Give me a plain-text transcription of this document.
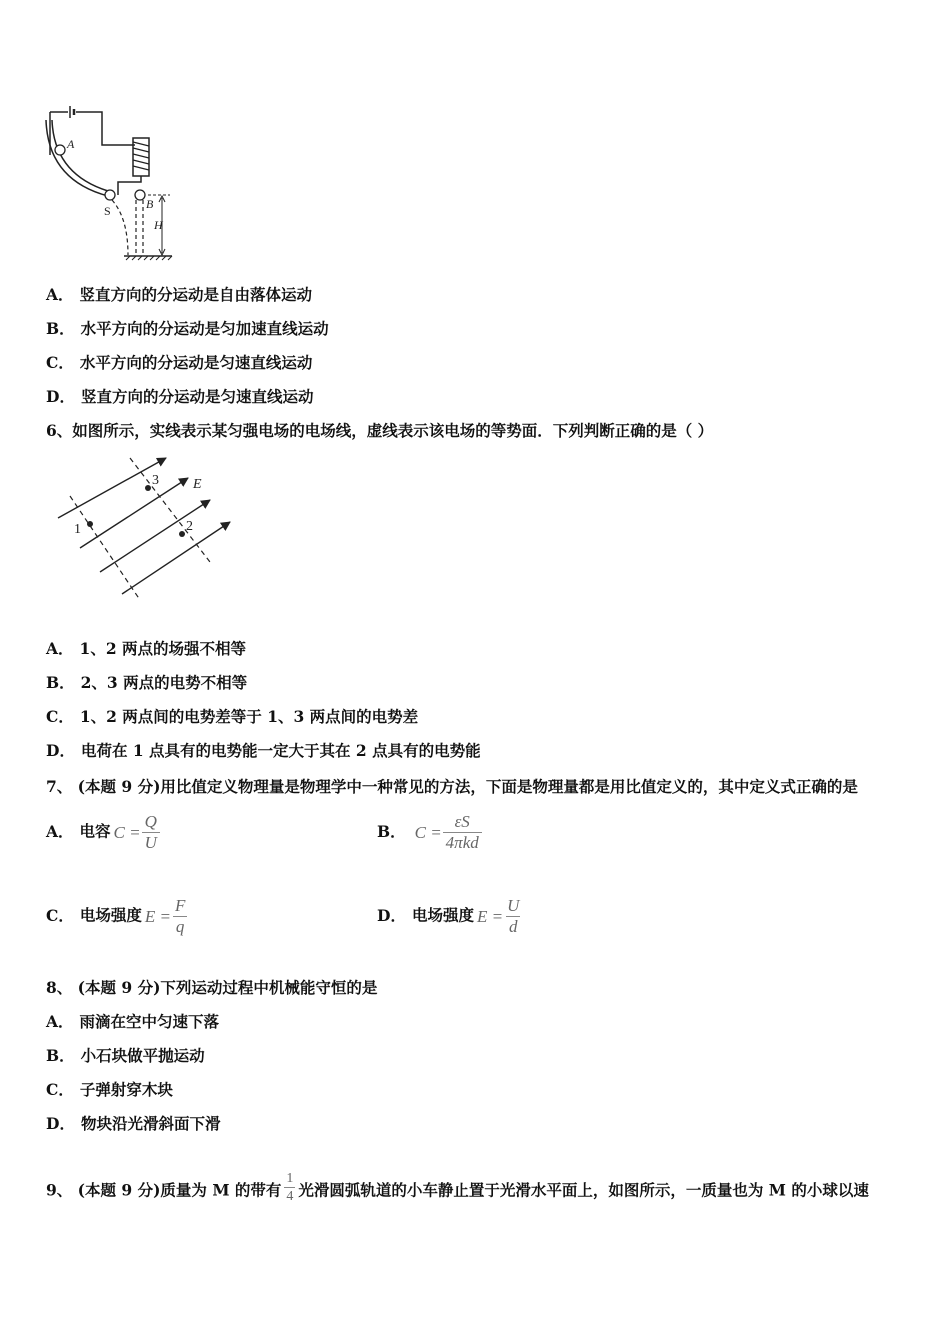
A
S	B
H
A． 竖直方向的分运动是自由落体运动
B． 水平方向的分运动是匀加速直线运动
C． 水平方向的分运动是匀速直线运动
D． 竖直方向的分运动是匀速直线运动
6、如图所示，实线表示某匀强电场的电场线，虚线表示该电场的等势面．下列判断正确的是（ ）
1
3
2
E
A． 1、2 两点的场强不相等
B． 2、3 两点的电势不相等
C． 1、2 两点间的电势差等于 1、3 两点间的电势差
D． 电荷在 1 点具有的电势能一定大于其在 2 点具有的电势能
7、 (本题 9 分)用比值定义物理量是物理学中一种常见的方法，下面是物理量都是用比值定义的，其中定义式正确的是
A． 电容 $C = \frac{Q}{U}$	B． $C = \frac{\varepsilon S}{\text{4πkd}}$
C． 电场强度 $E = \frac{F}{q}$	D． 电场强度 $E = \frac{U}{d}$
8、 (本题 9 分)下列运动过程中机械能守恒的是
A． 雨滴在空中匀速下落
B． 小石块做平抛运动
C． 子弹射穿木块
D． 物块沿光滑斜面下滑
9、 (本题 9 分)质量为 M 的带有 $\frac{1}{4}$ 光滑圆弧轨道的小车静止置于光滑水平面上，如图所示，一质量也为 M 的小球以速
